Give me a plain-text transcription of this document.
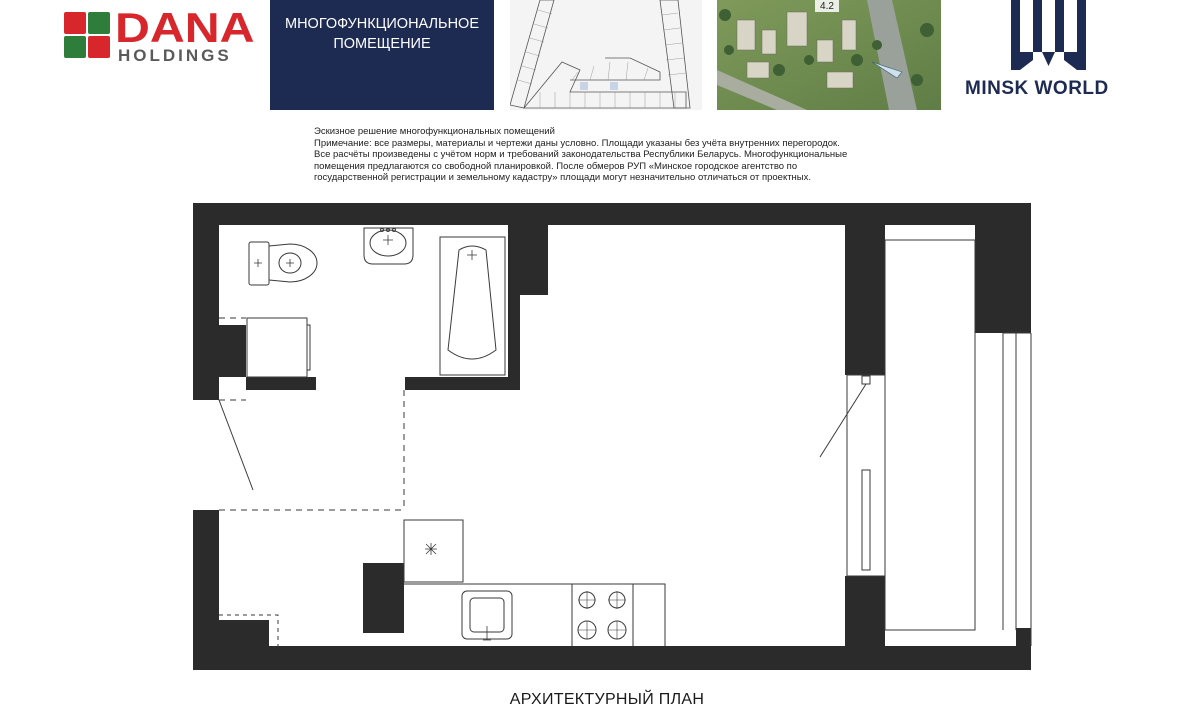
DANA
HOLDINGS
МНОГОФУНКЦИОНАЛЬНОЕ
ПОМЕЩЕНИЕ
4.2
MINSK WORLD

Эскизное решение многофункциональных помещений

Примечание: все размеры, материалы и чертежи даны условно. Площади указаны без учёта внутренних перегородок.

Все расчёты произведены с учётом норм и требований законодательства Республики Беларусь. Многофункциональные

помещения предлагаются со свободной планировкой. После обмеров РУП «Минское городское агентство по

государственной регистрации и земельному кадастру» площади могут незначительно отличаться от проектных.

АРХИТЕКТУРНЫЙ ПЛАН
